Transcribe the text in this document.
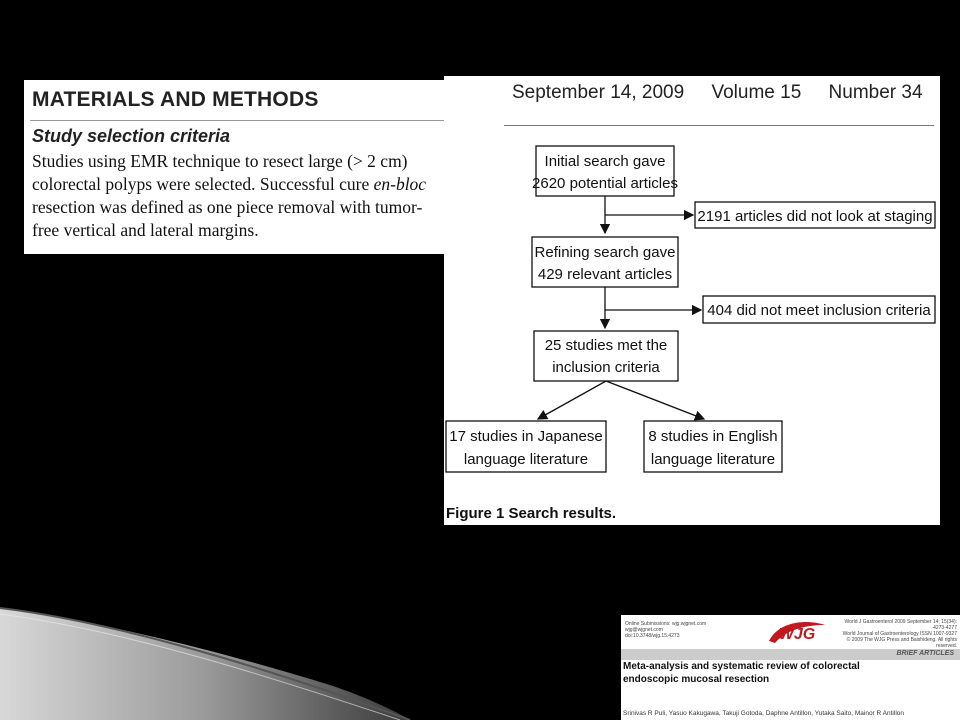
MATERIALS AND METHODS
Study selection criteria
Studies using EMR technique to resect large (> 2 cm)
colorectal polyps were selected. Successful cure en-bloc
resection was defined as one piece removal with tumor-
free vertical and lateral margins.
September 14, 2009 Volume 15 Number 34
Initial search gave
2620 potential articles
2191 articles did not look at staging
Refining search gave
429 relevant articles
404 did not meet inclusion criteria
25 studies met the
inclusion criteria
17 studies in Japanese
language literature
8 studies in English
language literature
Figure 1 Search results.
Online Submissions: wjg.wjgnet.com
wjg@wjgnet.com
doi:10.3748/wjg.15.4273	WJG
World J Gastroenterol 2009 September 14; 15(34): 4273-4277
World Journal of Gastroenterology ISSN 1007-9327
© 2009 The WJG Press and Baishideng. All rights reserved.
BRIEF ARTICLES
Meta-analysis and systematic review of colorectal
endoscopic mucosal resection
Srinivas R Puli, Yasuo Kakugawa, Takuji Gotoda, Daphne Antillon, Yutaka Saito, Mainor R Antillon
